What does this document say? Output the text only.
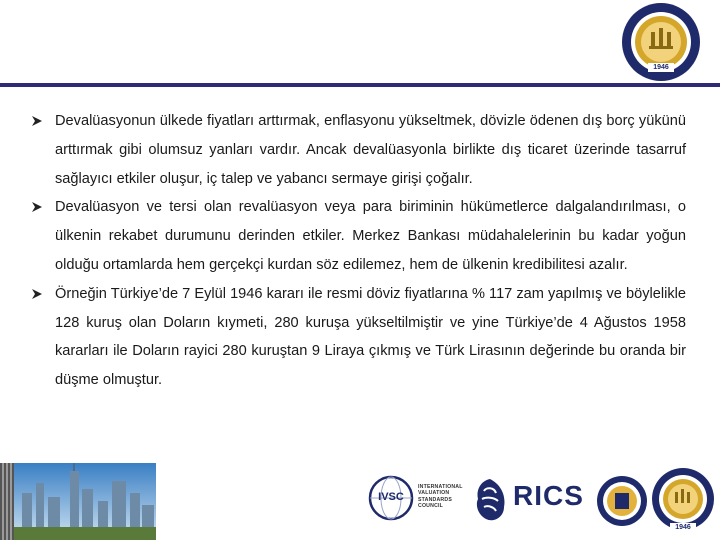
1946

Devalüasyonun ülkede fiyatları arttırmak, enflasyonu yükseltmek, dövizle ödenen dış borç yükünü arttırmak gibi olumsuz yanları vardır. Ancak devalüasyonla birlikte dış ticaret üzerinde tasarruf sağlayıcı etkiler oluşur, iç talep ve yabancı sermaye girişi çoğalır.

Devalüasyon ve tersi olan revalüasyon veya para biriminin hükümetlerce dalgalandırılması, o ülkenin rekabet durumunu derinden etkiler. Merkez Bankası müdahalelerinin bu kadar yoğun olduğu ortamlarda hem gerçekçi kurdan söz edilemez, hem de ülkenin kredibilitesi azalır.

Örneğin Türkiye’de 7 Eylül 1946 kararı ile resmi döviz fiyatlarına % 117 zam yapılmış ve böylelikle 128 kuruş olan Doların kıymeti, 280 kuruşa yükseltilmiştir ve yine Türkiye’de 4 Ağustos 1958 kararları ile Doların rayici 280 kuruştan 9 Liraya çıkmış ve Türk Lirasının değerinde bu oranda bir düşme olmuştur.

IVSC
INTERNATIONAL
VALUATION
STANDARDS
COUNCIL	RICS
1946
